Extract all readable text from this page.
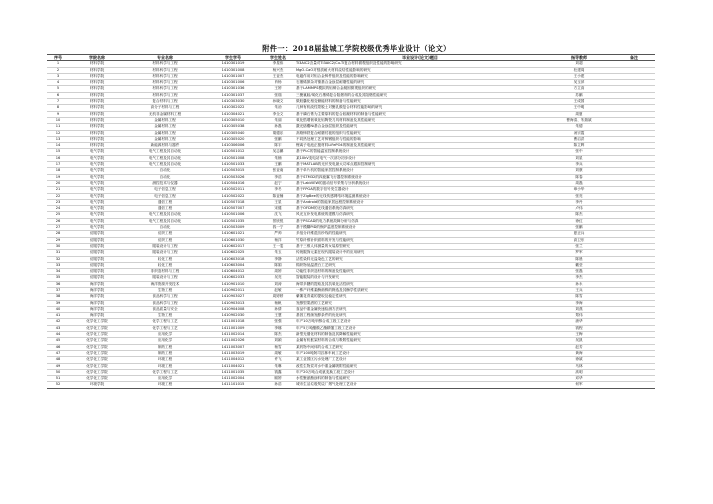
附件一：2018届盐城工学院校级优秀毕业设计（论文）
序号	学院名称	专业名称	学生学号	学生姓名	毕业设计(论文)题目	指导教师	备注
1	材料学院	材料科学与工程	1410301019	李星伟	Ti3AlC2含量对Ti3AlC2/Cu-Ti复合材料微观组织及性能的影响研究	刘超	
2	材料学院	材料科学与工程	1410301008	杨兴杰	MgO-CaO对镁质耐火材料烧结性能影响的研究	杜建周	
3	材料学院	材料科学与工程	1410301007	王亚杰	电磁作用对铝合金铸件组织及性能的影响研究	王小建	
4	材料学院	材料科学与工程	1410301006	肖杨	石墨烯掺杂对镍基合金涂层耐磨性能的研究	吴玉萍	
5	材料学院	材料科学与工程	1410301036	王婷	基于LAMMPS模拟的铝铜合金凝固微观组织的研究	方立高	
6	材料学院	材料科学与工程	1410301037	张瑞	三聚氰胺/氧化石墨烯复合阻燃剂的合成及其阻燃性能研究	苏鹏	
7	材料学院	复合材料与工程	1410303030	孙晓文	微胶囊化相变储能材料的制备与性能研究	王成国	
8	材料学院	高分子材料与工程	1410302022	朱治	几种有机改性蒙脱土对聚乳酸复合材料性能影响的研究	王中明	
9	材料学院	无机非金属材料工程	1410304021	李全文	基于磷石膏为主要原料的复合胶凝材料的制备与性能研究	周夏	
10	材料学院	金属材料工程	1410305010	朱丽	氧化锆增韧氧化铝陶瓷刀具材料制备及其性能研究	曹海清、朱瑞斌	
11	材料学院	金属材料工程	1410305038	孙磊	激光熔覆Ni基合金涂层组织及性能研究	朱德	
12	材料学院	金属材料工程	1410305040	胡德乐	高铬铸铁复合耐磨衬板的组织与性能研究	汤宗霞	
13	材料学院	金属材料工程	1410305020	张鹏	不同热处理工艺对铸钢组织与性能的影响	曹启洪	
14	材料学院	新能源材料与器件	1410306006	陈宇	锂离子电池正极材料LiFePO4的制备及其性能研究	陈立辉	
15	电气学院	电气工程及其自动化	1410501012	吴志鹏	基于PLC的智能温室控制系统设计	张中	
16	电气学院	电气工程及其自动化	1410501008	朱楠	某10kV变电站电气一次部分初步设计	刘星	
17	电气学院	电气工程及其自动化	1410501033	王鹏	基于MATLAB的光伏发电最大功率点跟踪控制研究	李兵	
18	电气学院	自动化	1410503015	张亚南	基于单片机的智能家居控制系统设计	刘康	
19	电气学院	自动化	1410503026	李浩	基于STM32的四旋翼飞行器控制系统设计	陈春	
20	电气学院	测控技术与仪器	1410504016	赵宁	基于LabVIEW的振动信号采集与分析系统设计	周磊	
21	电气学院	电子信息工程	1410502011	李冬	基于FPGA的数字信号发生器设计	章小华	
22	电气学院	电子信息工程	1410502022	陈亚楠	基于ZigBee的无线传感网络环境监测系统设计	张亮	
23	电气学院	通信工程	1410507018	王星	基于Android的智能家居远程控制系统设计	李丹	
24	电气学院	通信工程	1410507007	宋健	基于OFDM的无线通信系统仿真研究	卢伟	
25	电气学院	电气工程及其自动化	1410501006	沈飞	风光互补发电系统的建模与仿真研究	陈杰	
26	电气学院	电气工程及其自动化	1410501035	蔡欣悦	基于PSCAD的电力系统故障分析与仿真	徐红	
27	电气学院	自动化	1410503009	钱一宁	基于模糊PID的锅炉温度控制系统设计	张鹏	
28	纺服学院	纺织工程	1410601021	严帅	多组分纤维混纺纱线的性能研究	夏正兵	
29	纺服学院	纺织工程	1410601030	杨洋	竹原纤维针织面料的开发与性能研究	高卫东	
30	纺服学院	服装设计与工程	1410602017	王一雯	基于三维人体测量的女装原型研究	张兰	
31	纺服学院	服装设计与工程	1410602025	朱玉	传统服饰元素在现代服装设计中的应用研究	罗军	
32	纺服学院	轻化工程	1410603018	李静	活性染料无盐染色工艺的研究	陈晨	
33	纺服学院	轻化工程	1410603004	陈娟	棉织物低温漂白工艺研究	戴莹	
34	纺服学院	非织造材料与工程	1410604012	周婷	功能性非织造材料的制备及性能研究	张磊	
35	纺服学院	服装设计与工程	1410602033	吴亮	智能服装的设计与开发研究	李杰	
36	海洋学院	海洋资源开发技术	1410901010	刘涛	海带多糖的提取及其抗氧化活性研究	孙永	
37	海洋学院	生物工程	1410902011	赵敏	一株产纤维素酶菌株的筛选及其酶学性质研究	王兵	
38	海洋学院	食品科学与工程	1410903027	周婷婷	紫薯花青素的提取及稳定性研究	陈雪	
39	海洋学院	食品科学与工程	1410903013	杨帆	发酵型果酒的工艺研究	李海	
40	海洋学院	食品质量与安全	1410904008	孙倩	食品中重金属快速检测方法研究	刘燕	
41	海洋学院	生物工程	1410902030	王慧	基因工程菌发酵条件的优化研究	郑伟	
42	化学化工学院	化学工程与工艺	1411001018	张强	年产10万吨甲醇合成工段工艺设计	唐华	
43	化学化工学院	化学工程与工艺	1411001009	李娜	年产5万吨醋酸乙酯精馏工段工艺设计	钱程	
44	化学化工学院	应用化学	1411002014	陈杰	新型光催化材料的制备及其降解性能研究	王梅	
45	化学化工学院	应用化学	1411002026	刘颖	金属有机框架材料的合成与吸附性能研究	吴凯	
46	化学化工学院	制药工程	1411003007	杨雪	某药物中间体的合成工艺研究	赵芳	
47	化学化工学院	制药工程	1411003019	周敏	年产100吨阿司匹林车间工艺设计	黄海	
48	化学化工学院	环境工程	1411004012	许飞	某工业园区污水处理厂工艺设计	徐斌	
49	化学化工学院	环境工程	1411004021	朱琳	改性生物炭对水中重金属吸附性能研究	马林	
50	化学化工学院	化学工程与工艺	1411001035	钱鑫	年产20万吨合成氨变换工段工艺设计	高明	
51	化学化工学院	应用化学	1411002004	顾婷	水性聚氨酯涂料的制备与性能研究	邓华	
52	环境学院	环境工程	1411101015	孙浩	城市生活垃圾焚烧厂烟气处理工艺设计	何军	
